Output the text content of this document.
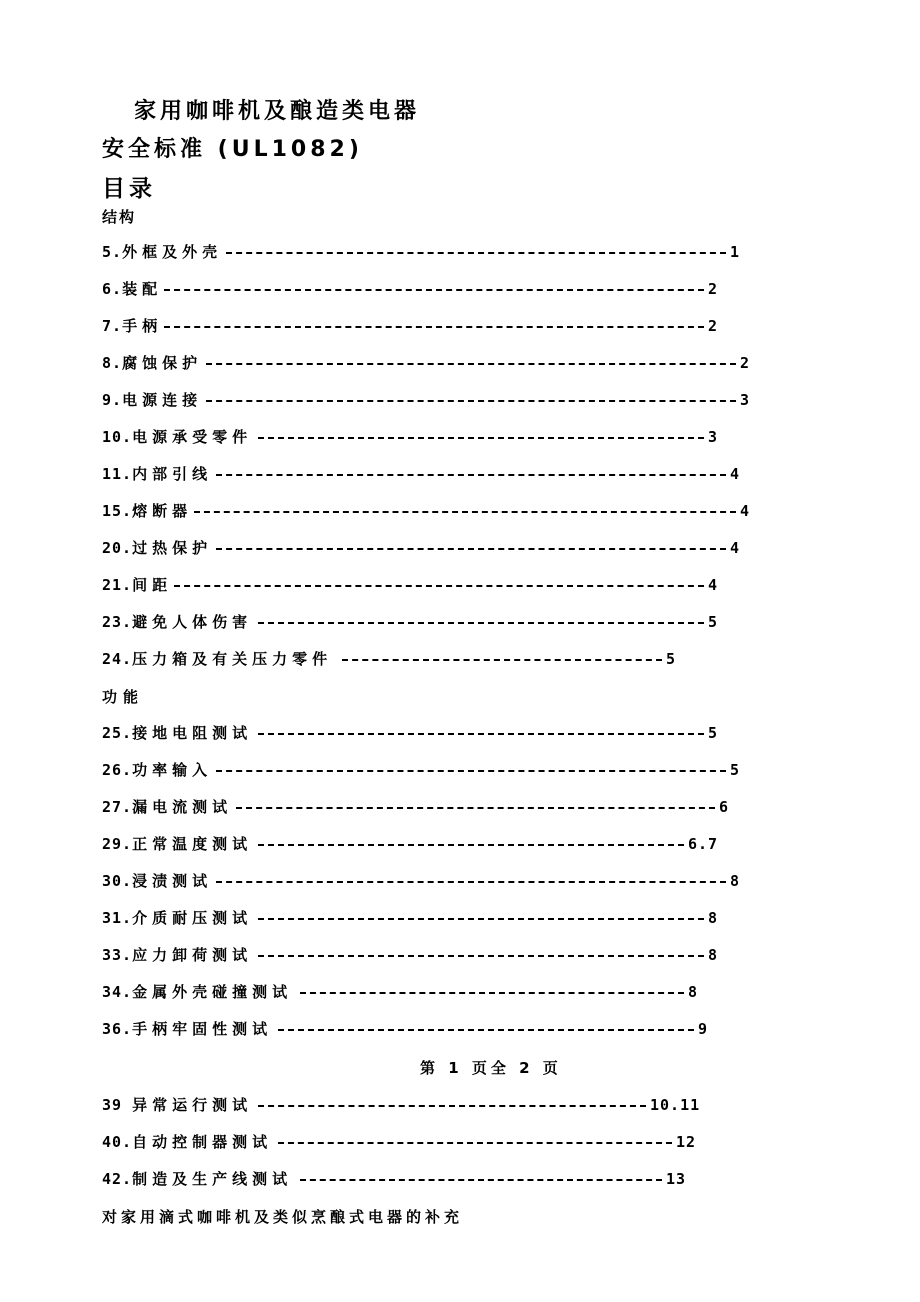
家用咖啡机及酿造类电器
安全标准 (UL1082)
目录
结构
功能
5.外框及外壳	1
6.装配	2
7.手柄	2
8.腐蚀保护	2
9.电源连接	3
10.电源承受零件	3
11.内部引线	4
15.熔断器	4
20.过热保护	4
21.间距	4
23.避免人体伤害	5
24.压力箱及有关压力零件	5
25.接地电阻测试	5
26.功率输入	5
27.漏电流测试	6
29.正常温度测试	6.7
30.浸渍测试	8
31.介质耐压测试	8
33.应力卸荷测试	8
34.金属外壳碰撞测试	8
36.手柄牢固性测试	9
39 异常运行测试	10.11
40.自动控制器测试	12
42.制造及生产线测试	13
第 1 页全 2 页
对家用滴式咖啡机及类似烹酿式电器的补充
